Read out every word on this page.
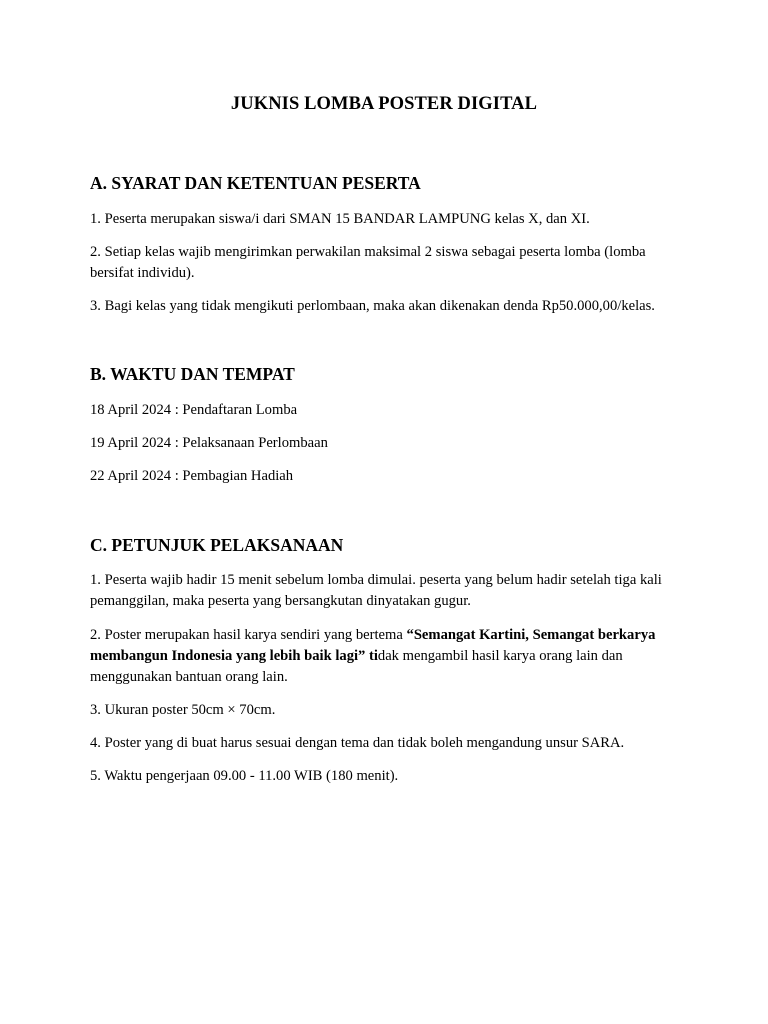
JUKNIS LOMBA POSTER DIGITAL
A. SYARAT DAN KETENTUAN PESERTA

1. Peserta merupakan siswa/i dari SMAN 15 BANDAR LAMPUNG kelas X, dan XI.

2. Setiap kelas wajib mengirimkan perwakilan maksimal 2 siswa sebagai peserta lomba (lomba bersifat individu).

3. Bagi kelas yang tidak mengikuti perlombaan, maka akan dikenakan denda Rp50.000,00/kelas.

B. WAKTU DAN TEMPAT

18 April 2024 : Pendaftaran Lomba

19 April 2024 : Pelaksanaan Perlombaan

22 April 2024 : Pembagian Hadiah

C. PETUNJUK PELAKSANAAN

1. Peserta wajib hadir 15 menit sebelum lomba dimulai. peserta yang belum hadir setelah tiga kali pemanggilan, maka peserta yang bersangkutan dinyatakan gugur.

2. Poster merupakan hasil karya sendiri yang bertema “Semangat Kartini, Semangat berkarya membangun Indonesia yang lebih baik lagi” tidak mengambil hasil karya orang lain dan menggunakan bantuan orang lain.

3. Ukuran poster 50cm × 70cm.

4. Poster yang di buat harus sesuai dengan tema dan tidak boleh mengandung unsur SARA.

5. Waktu pengerjaan 09.00 - 11.00 WIB (180 menit).
